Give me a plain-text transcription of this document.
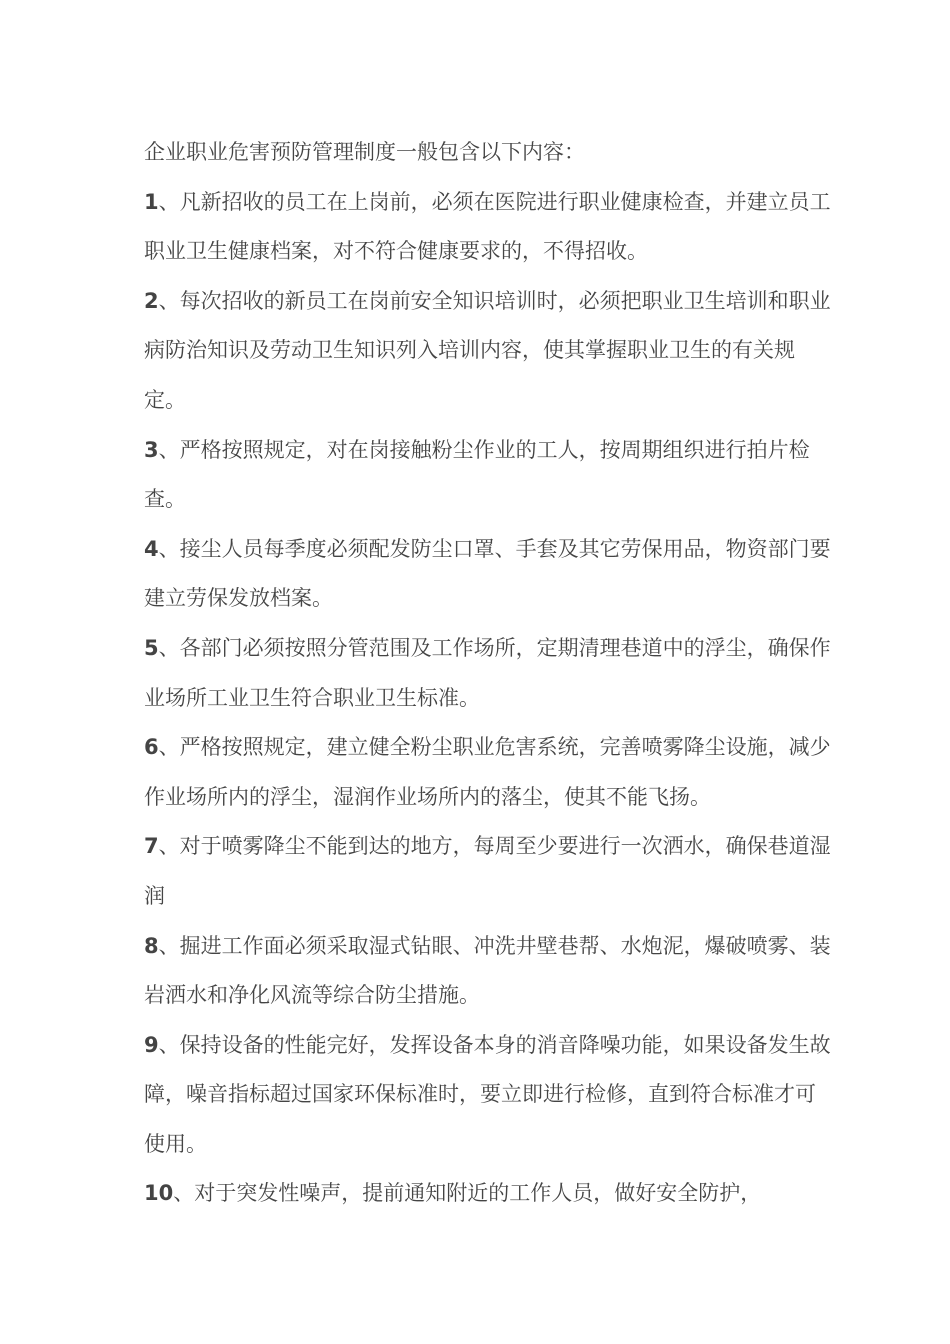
企业职业危害预防管理制度一般包含以下内容：

1、凡新招收的员工在上岗前，必须在医院进行职业健康检查，并建立员工职业卫生健康档案，对不符合健康要求的，不得招收。

2、每次招收的新员工在岗前安全知识培训时，必须把职业卫生培训和职业病防治知识及劳动卫生知识列入培训内容，使其掌握职业卫生的有关规定。

3、严格按照规定，对在岗接触粉尘作业的工人，按周期组织进行拍片检查。

4、接尘人员每季度必须配发防尘口罩、手套及其它劳保用品，物资部门要建立劳保发放档案。

5、各部门必须按照分管范围及工作场所，定期清理巷道中的浮尘，确保作业场所工业卫生符合职业卫生标准。

6、严格按照规定，建立健全粉尘职业危害系统，完善喷雾降尘设施，减少作业场所内的浮尘，湿润作业场所内的落尘，使其不能飞扬。

7、对于喷雾降尘不能到达的地方，每周至少要进行一次洒水，确保巷道湿润

8、掘进工作面必须采取湿式钻眼、冲洗井壁巷帮、水炮泥，爆破喷雾、装岩洒水和净化风流等综合防尘措施。

9、保持设备的性能完好，发挥设备本身的消音降噪功能，如果设备发生故障，噪音指标超过国家环保标准时，要立即进行检修，直到符合标准才可使用。

10、对于突发性噪声，提前通知附近的工作人员，做好安全防护，
